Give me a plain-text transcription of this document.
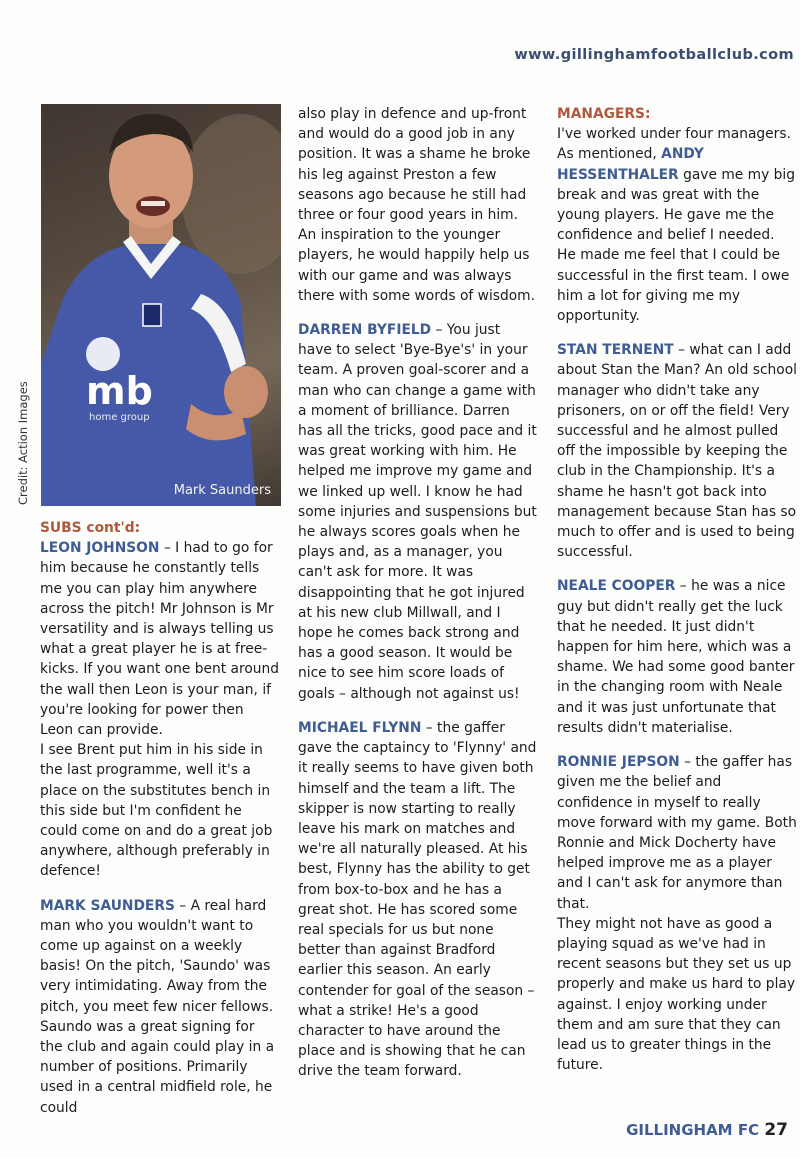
www.gillinghamfootballclub.com
mb
home group
Mark Saunders
Credit: Action Images
SUBS cont'd:

LEON JOHNSON – I had to go for him because he constantly tells me you can play him anywhere across the pitch! Mr Johnson is Mr versatility and is always telling us what a great player he is at free-kicks. If you want one bent around the wall then Leon is your man, if you're looking for power then Leon can provide.

I see Brent put him in his side in the last programme, well it's a place on the substitutes bench in this side but I'm confident he could come on and do a great job anywhere, although preferably in defence!

MARK SAUNDERS – A real hard man who you wouldn't want to come up against on a weekly basis! On the pitch, 'Saundo' was very intimidating. Away from the pitch, you meet few nicer fellows. Saundo was a great signing for the club and again could play in a number of positions. Primarily used in a central midfield role, he could

also play in defence and up-front and would do a good job in any position. It was a shame he broke his leg against Preston a few seasons ago because he still had three or four good years in him. An inspiration to the younger players, he would happily help us with our game and was always there with some words of wisdom.

DARREN BYFIELD – You just have to select 'Bye-Bye's' in your team. A proven goal-scorer and a man who can change a game with a moment of brilliance. Darren has all the tricks, good pace and it was great working with him. He helped me improve my game and we linked up well. I know he had some injuries and suspensions but he always scores goals when he plays and, as a manager, you can't ask for more. It was disappointing that he got injured at his new club Millwall, and I hope he comes back strong and has a good season. It would be nice to see him score loads of goals – although not against us!

MICHAEL FLYNN – the gaffer gave the captaincy to 'Flynny' and it really seems to have given both himself and the team a lift. The skipper is now starting to really leave his mark on matches and we're all naturally pleased. At his best, Flynny has the ability to get from box-to-box and he has a great shot. He has scored some real specials for us but none better than against Bradford earlier this season. An early contender for goal of the season – what a strike! He's a good character to have around the place and is showing that he can drive the team forward.

MANAGERS:

I've worked under four managers. As mentioned, ANDY HESSENTHALER gave me my big break and was great with the young players. He gave me the confidence and belief I needed. He made me feel that I could be successful in the first team. I owe him a lot for giving me my opportunity.

STAN TERNENT – what can I add about Stan the Man? An old school manager who didn't take any prisoners, on or off the field! Very successful and he almost pulled off the impossible by keeping the club in the Championship. It's a shame he hasn't got back into management because Stan has so much to offer and is used to being successful.

NEALE COOPER – he was a nice guy but didn't really get the luck that he needed. It just didn't happen for him here, which was a shame. We had some good banter in the changing room with Neale and it was just unfortunate that results didn't materialise.

RONNIE JEPSON – the gaffer has given me the belief and confidence in myself to really move forward with my game. Both Ronnie and Mick Docherty have helped improve me as a player and I can't ask for anymore than that.

They might not have as good a playing squad as we've had in recent seasons but they set us up properly and make us hard to play against. I enjoy working under them and am sure that they can lead us to greater things in the future.

GILLINGHAM FC 27
